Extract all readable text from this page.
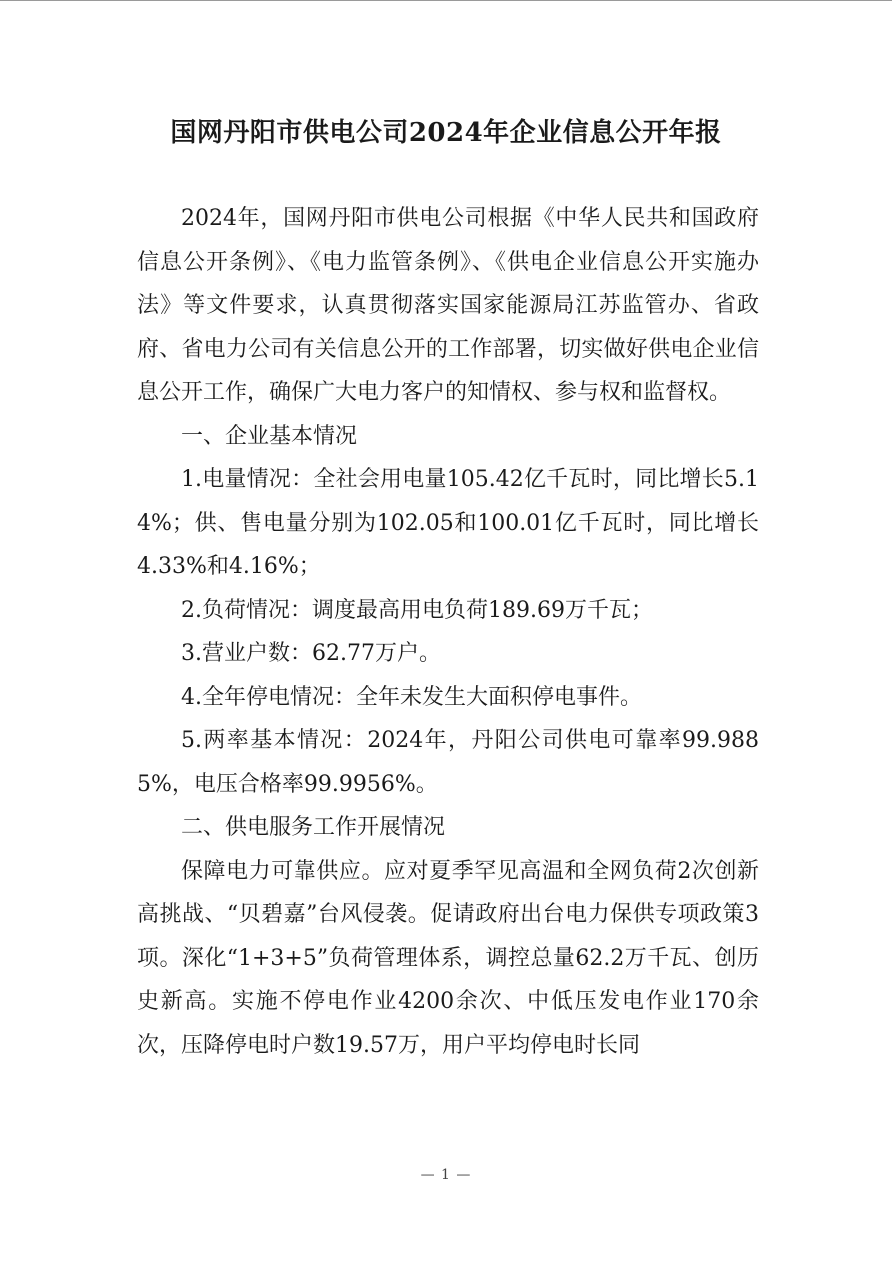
国网丹阳市供电公司2024年企业信息公开年报

2024年，国网丹阳市供电公司根据《中华人民共和国政府信息公开条例》、《电力监管条例》、《供电企业信息公开实施办法》等文件要求，认真贯彻落实国家能源局江苏监管办、省政府、省电力公司有关信息公开的工作部署，切实做好供电企业信息公开工作，确保广大电力客户的知情权、参与权和监督权。

一、企业基本情况

1.电量情况：全社会用电量105.42亿千瓦时，同比增长5.14%；供、售电量分别为102.05和100.01亿千瓦时，同比增长4.33%和4.16%；

2.负荷情况：调度最高用电负荷189.69万千瓦；

3.营业户数：62.77万户。

4.全年停电情况：全年未发生大面积停电事件。

5.两率基本情况：2024年，丹阳公司供电可靠率99.9885%，电压合格率99.9956%。

二、供电服务工作开展情况

保障电力可靠供应。应对夏季罕见高温和全网负荷2次创新高挑战、“贝碧嘉”台风侵袭。促请政府出台电力保供专项政策3项。深化“1+3+5”负荷管理体系，调控总量62.2万千瓦、创历史新高。实施不停电作业4200余次、中低压发电作业170余次，压降停电时户数19.57万，用户平均停电时长同

— 1 —
